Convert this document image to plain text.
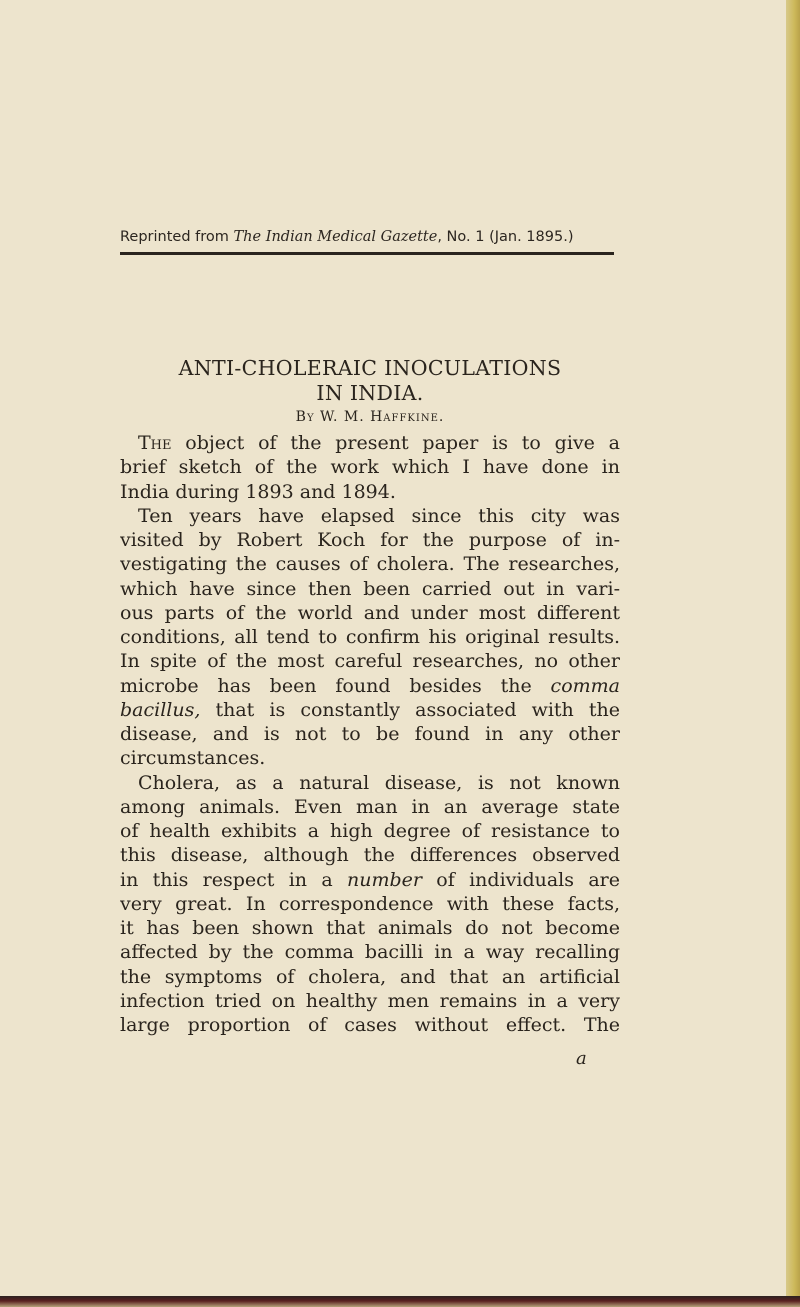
Reprinted from The Indian Medical Gazette, No. 1 (Jan. 1895.)
ANTI-CHOLERAIC INOCULATIONS
IN INDIA.
By W. M. Haffkine.
The object of the present paper is to give a
brief sketch of the work which I have done in
India during 1893 and 1894.
Ten years have elapsed since this city was
visited by Robert Koch for the purpose of in-
vestigating the causes of cholera. The researches,
which have since then been carried out in vari-
ous parts of the world and under most different
conditions, all tend to confirm his original results.
In spite of the most careful researches, no other
microbe has been found besides the comma
bacillus, that is constantly associated with the
disease, and is not to be found in any other
circumstances.
Cholera, as a natural disease, is not known
among animals. Even man in an average state
of health exhibits a high degree of resistance to
this disease, although the differences observed
in this respect in a number of individuals are
very great. In correspondence with these facts,
it has been shown that animals do not become
affected by the comma bacilli in a way recalling
the symptoms of cholera, and that an artificial
infection tried on healthy men remains in a very
large proportion of cases without effect. The
a
